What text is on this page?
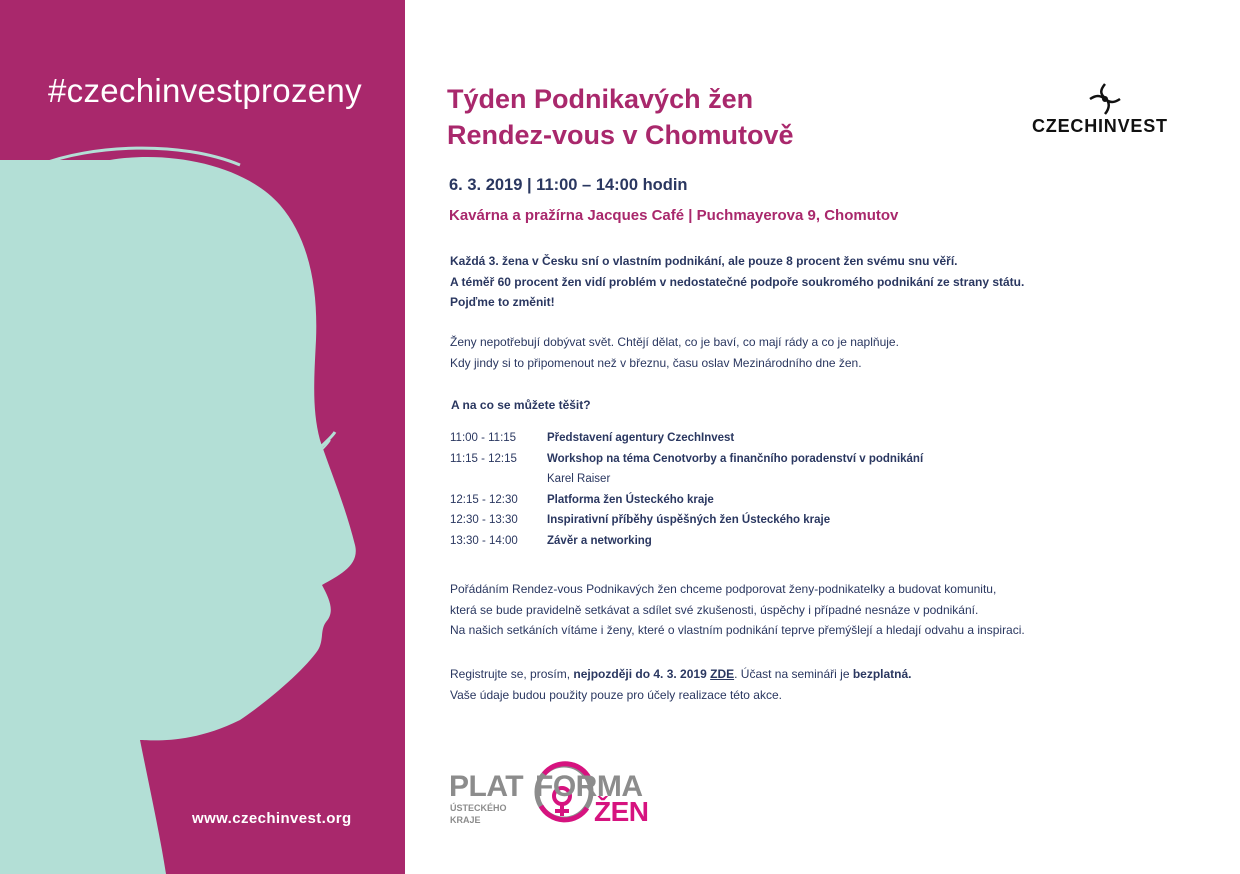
#czechinvestprozeny
www.czechinvest.org
Týden Podnikavých žen
Rendez-vous v Chomutově	CZECHINVEST
6. 3. 2019 | 11:00 – 14:00 hodin
Kavárna a pražírna Jacques Café | Puchmayerova 9, Chomutov
Každá 3. žena v Česku sní o vlastním podnikání, ale pouze 8 procent žen svému snu věří.
A téměř 60 procent žen vidí problém v nedostatečné podpoře soukromého podnikání ze strany státu.
Pojďme to změnit!
Ženy nepotřebují dobývat svět. Chtějí dělat, co je baví, co mají rády a co je naplňuje.
Kdy jindy si to připomenout než v březnu, času oslav Mezinárodního dne žen.
A na co se můžete těšit?
11:00 - 11:15	Představení agentury CzechInvest
11:15 - 12:15	Workshop na téma Cenotvorby a finančního poradenství v podnikání
Karel Raiser
12:15 - 12:30	Platforma žen Ústeckého kraje
12:30 - 13:30	Inspirativní příběhy úspěšných žen Ústeckého kraje
13:30 - 14:00	Závěr a networking
Pořádáním Rendez-vous Podnikavých žen chceme podporovat ženy-podnikatelky a budovat komunitu,
která se bude pravidelně setkávat a sdílet své zkušenosti, úspěchy i případné nesnáze v podnikání.
Na našich setkáních vítáme i ženy, které o vlastním podnikání teprve přemýšlejí a hledají odvahu a inspiraci.
Registrujte se, prosím, nejpozději do 4. 3. 2019 ZDE. Účast na semináři je bezplatná.
Vaše údaje budou použity pouze pro účely realizace této akce.
PLAT FORMA
ÚSTECKÉHO
KRAJE	ŽEN
